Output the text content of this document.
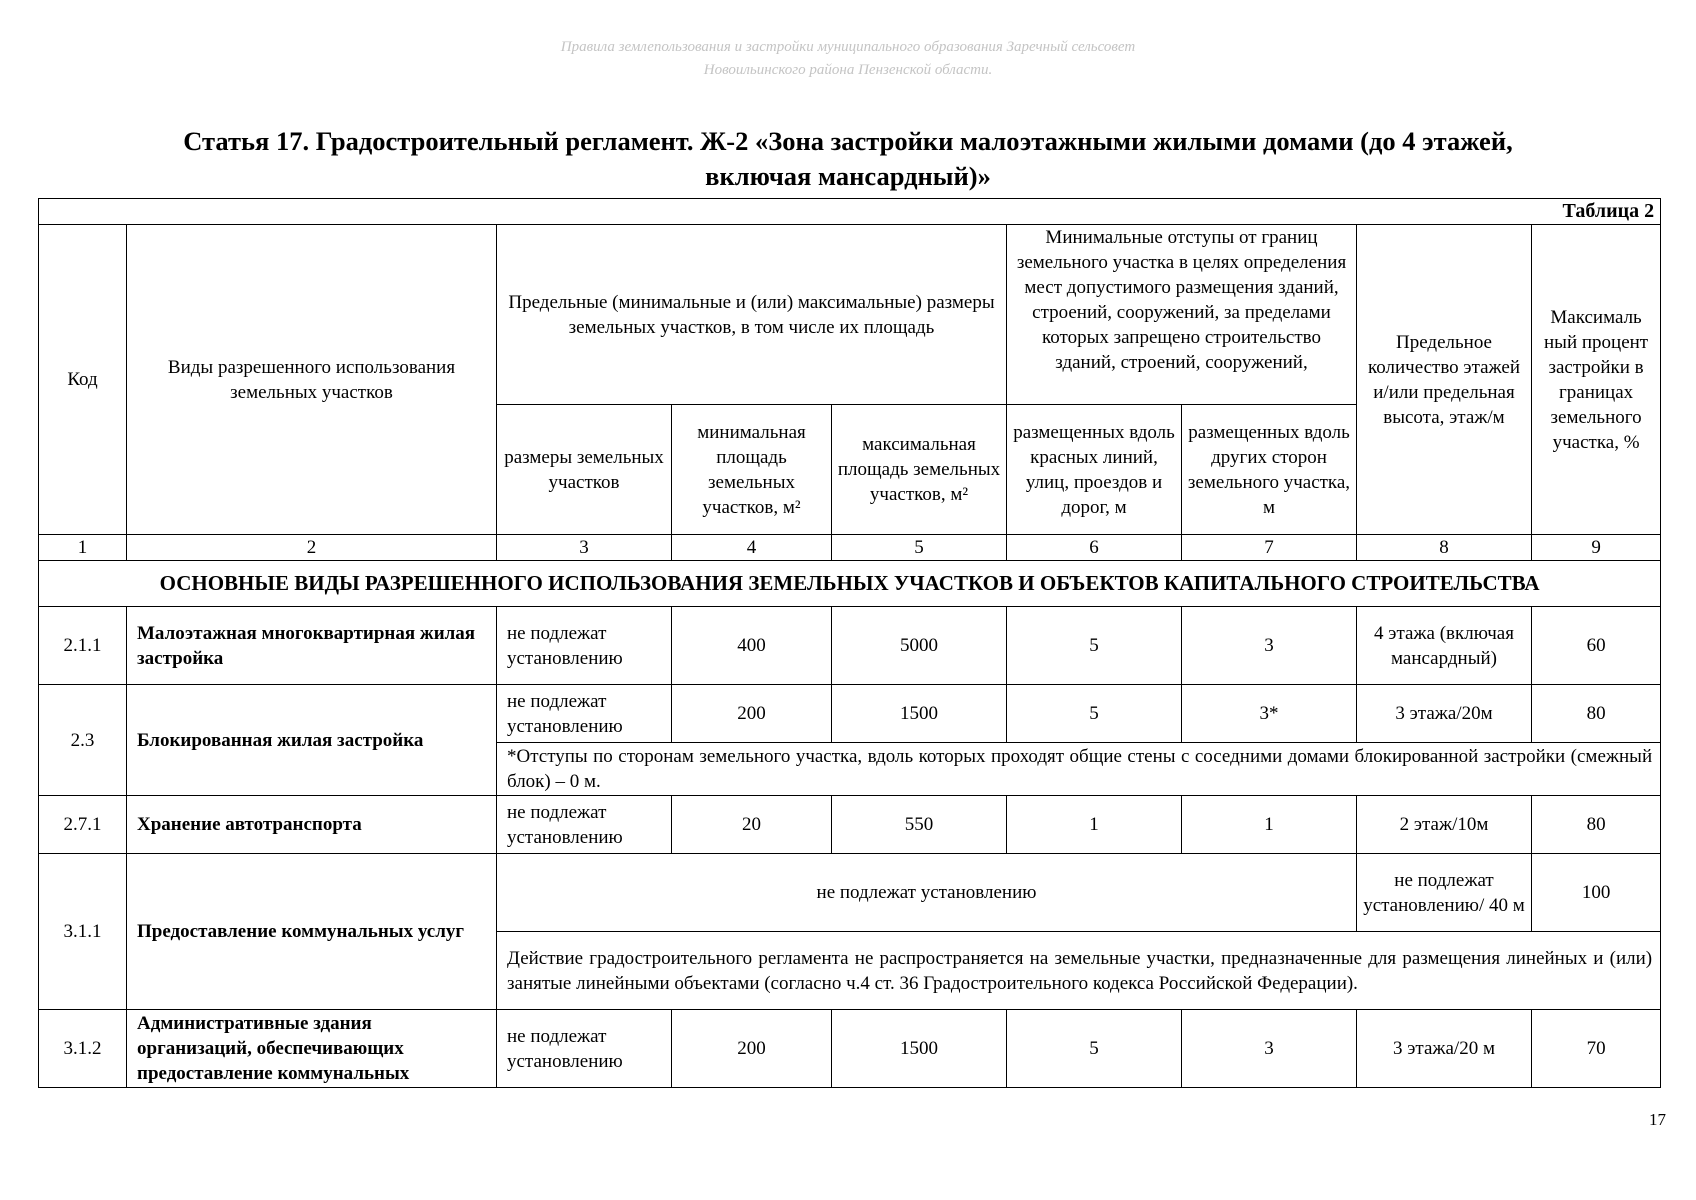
Правила землепользования и застройки муниципального образования Заречный сельсовет
Новоильинского района Пензенской области.
Статья 17. Градостроительный регламент. Ж-2 «Зона застройки малоэтажными жилыми домами (до 4 этажей,
включая мансардный)»
Таблица 2								
Код	Виды разрешенного использования земельных участков	Предельные (минимальные и (или) максимальные) размеры земельных участков, в том числе их площадь			Минимальные отступы от границ земельного участка в целях определения мест допустимого размещения зданий, строений, сооружений, за пределами которых запрещено строительство зданий, строений, сооружений,		Предельное количество этажей и/или предельная высота, этаж/м	Максималь ный процент застройки в границах земельного участка, %
		размеры земельных участков	минимальная площадь земельных участков, м²	максимальная площадь земельных участков, м²	размещенных вдоль красных линий, улиц, проездов и дорог, м	размещенных вдоль других сторон земельного участка, м		
1	2	3	4	5	6	7	8	9
ОСНОВНЫЕ ВИДЫ РАЗРЕШЕННОГО ИСПОЛЬЗОВАНИЯ ЗЕМЕЛЬНЫХ УЧАСТКОВ И ОБЪЕКТОВ КАПИТАЛЬНОГО СТРОИТЕЛЬСТВА								
2.1.1	Малоэтажная многоквартирная жилая застройка	не подлежат установлению	400	5000	5	3	4 этажа (включая мансардный)	60
2.3	Блокированная жилая застройка	не подлежат установлению	200	1500	5	3*	3 этажа/20м	80
		*Отступы по сторонам земельного участка, вдоль которых проходят общие стены с соседними домами блокированной застройки (смежный блок) – 0 м.						
2.7.1	Хранение автотранспорта	не подлежат установлению	20	550	1	1	2 этаж/10м	80
3.1.1	Предоставление коммунальных услуг	не подлежат установлению					не подлежат установлению/ 40 м	100
		Действие градостроительного регламента не распространяется на земельные участки, предназначенные для размещения линейных и (или) занятые линейными объектами (согласно ч.4 ст. 36 Градостроительного кодекса Российской Федерации).						
3.1.2	Административные здания организаций, обеспечивающих предоставление коммунальных	не подлежат установлению	200	1500	5	3	3 этажа/20 м	70
17
